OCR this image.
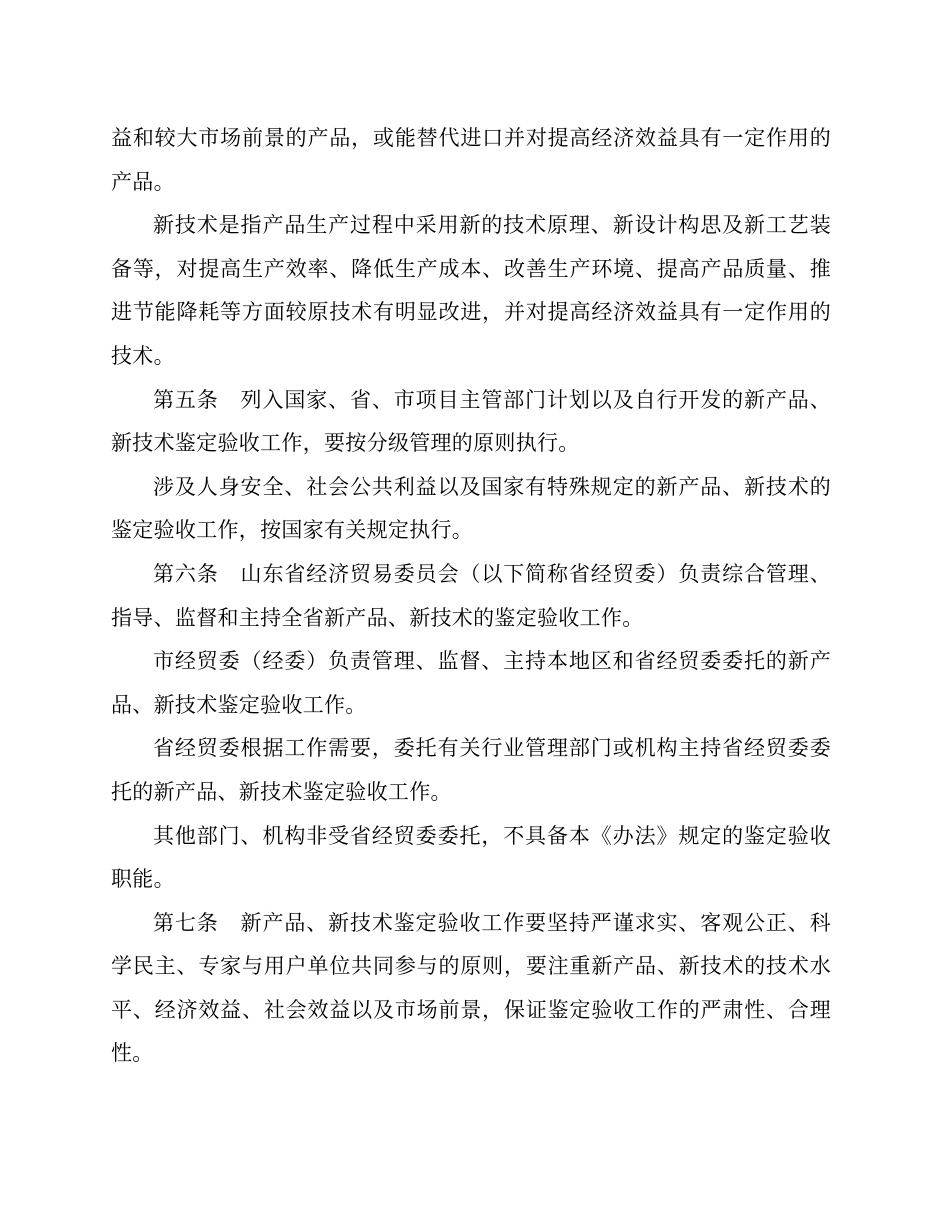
益和较大市场前景的产品，或能替代进口并对提高经济效益具有一定作用的产品。

新技术是指产品生产过程中采用新的技术原理、新设计构思及新工艺装备等，对提高生产效率、降低生产成本、改善生产环境、提高产品质量、推进节能降耗等方面较原技术有明显改进，并对提高经济效益具有一定作用的技术。

第五条　列入国家、省、市项目主管部门计划以及自行开发的新产品、新技术鉴定验收工作，要按分级管理的原则执行。

涉及人身安全、社会公共利益以及国家有特殊规定的新产品、新技术的鉴定验收工作，按国家有关规定执行。

第六条　山东省经济贸易委员会（以下简称省经贸委）负责综合管理、指导、监督和主持全省新产品、新技术的鉴定验收工作。

市经贸委（经委）负责管理、监督、主持本地区和省经贸委委托的新产品、新技术鉴定验收工作。

省经贸委根据工作需要，委托有关行业管理部门或机构主持省经贸委委托的新产品、新技术鉴定验收工作。

其他部门、机构非受省经贸委委托，不具备本《办法》规定的鉴定验收职能。

第七条　新产品、新技术鉴定验收工作要坚持严谨求实、客观公正、科学民主、专家与用户单位共同参与的原则，要注重新产品、新技术的技术水平、经济效益、社会效益以及市场前景，保证鉴定验收工作的严肃性、合理性。
